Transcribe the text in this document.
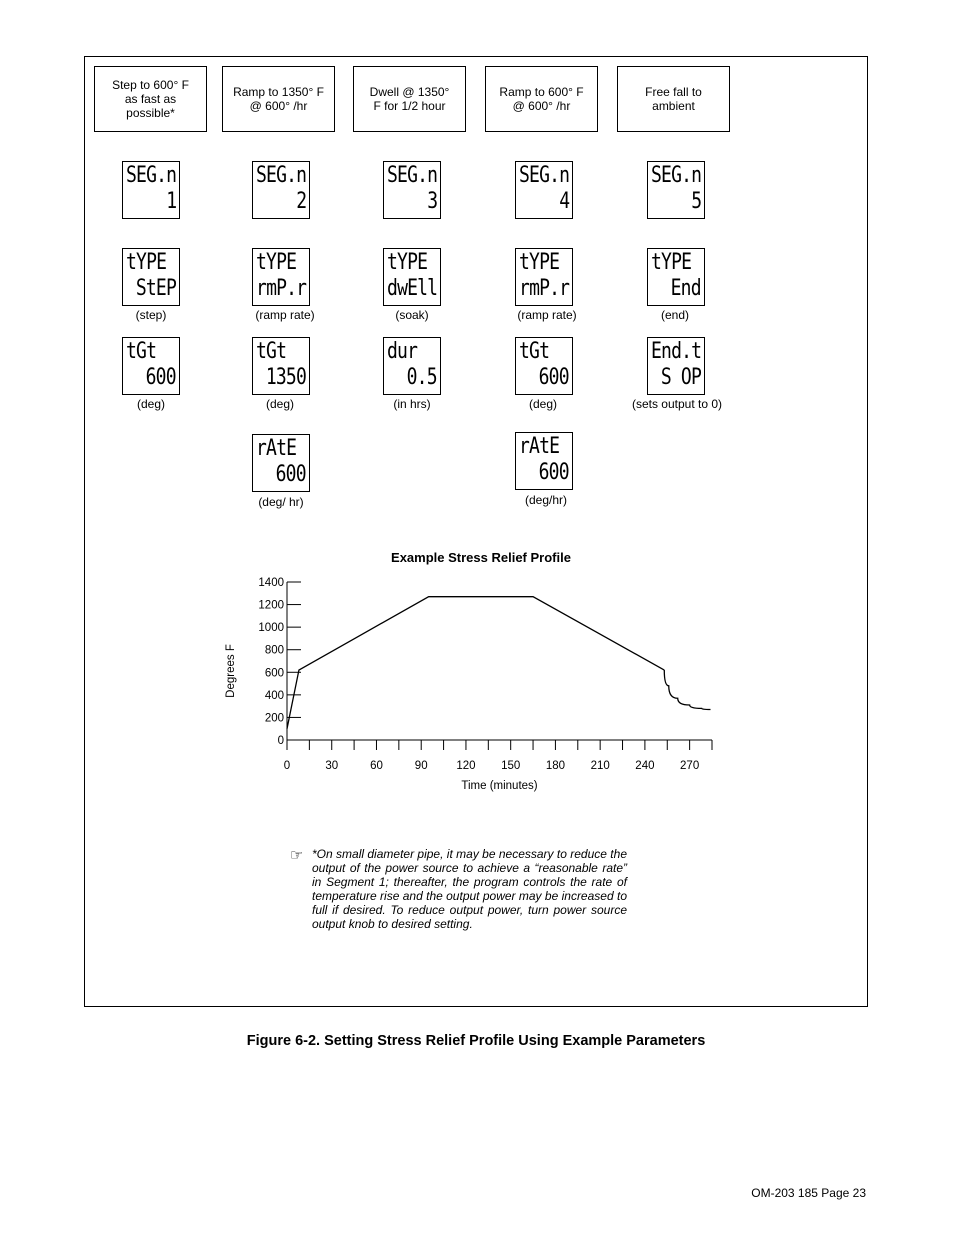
Step to 600° F
as fast as
possible*
Ramp to 1350° F
@ 600° /hr
Dwell @ 1350°
F for 1/2 hour
Ramp to 600° F
@ 600° /hr
Free fall to
ambient
SEG.n
1
SEG.n
2
SEG.n
3
SEG.n
4
SEG.n
5
tYPE
StEP
tYPE
rmP.r
tYPE
dwEll
tYPE
rmP.r
tYPE
End
(step)	(ramp rate)	(soak)	(ramp rate)	(end)
tGt
600
tGt
1350
dur
0.5
tGt
600
End.t
S OP
(deg)	(deg)	(in hrs)	(deg)	(sets output to 0)
rAtE
600
rAtE
600
(deg/ hr)	(deg/hr)
Example Stress Relief Profile
0
200
400
600
800
1000
1200
1400
0	30	60	90 120 150 180 210 240 270
Time (minutes)
Degrees F
☞ *On small diameter pipe, it may be necessary to reduce the output of the power source to achieve a “reasonable rate” in Segment 1; thereafter, the program controls the rate of temperature rise and the output power may be increased to full if desired. To reduce output power, turn power source output knob to desired setting.
Figure 6-2. Setting Stress Relief Profile Using Example Parameters
OM-203 185 Page 23
